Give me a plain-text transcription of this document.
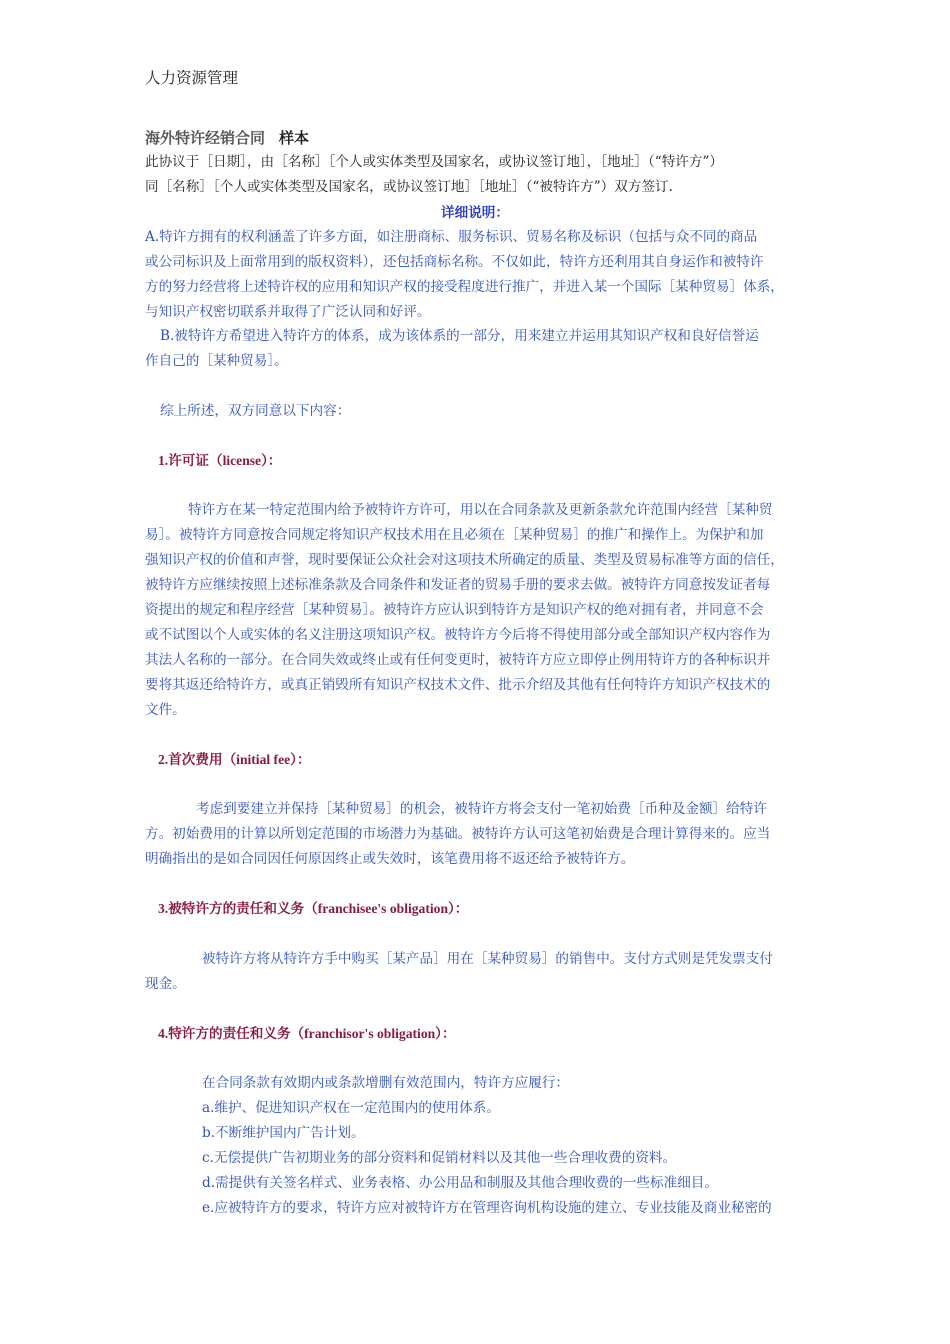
人力资源管理
海外特许经销合同 样本
此协议于［日期］，由［名称］［个人或实体类型及国家名，或协议签订地］，［地址］（“特许方”）
同［名称］［个人或实体类型及国家名，或协议签订地］［地址］（“被特许方”）双方签订.
详细说明：
A.特许方拥有的权利涵盖了许多方面，如注册商标、服务标识、贸易名称及标识（包括与众不同的商品
或公司标识及上面常用到的版权资料），还包括商标名称。不仅如此，特许方还利用其自身运作和被特许
方的努力经营将上述特许权的应用和知识产权的接受程度进行推广，并进入某一个国际［某种贸易］体系，
与知识产权密切联系并取得了广泛认同和好评。
B.被特许方希望进入特许方的体系，成为该体系的一部分，用来建立并运用其知识产权和良好信誉运
作自己的［某种贸易］。
综上所述，双方同意以下内容：
1.许可证（license）：
特许方在某一特定范围内给予被特许方许可，用以在合同条款及更新条款允许范围内经营［某种贸
易］。被特许方同意按合同规定将知识产权技术用在且必须在［某种贸易］的推广和操作上。为保护和加
强知识产权的价值和声誉，现时要保证公众社会对这项技术所确定的质量、类型及贸易标准等方面的信任，
被特许方应继续按照上述标准条款及合同条件和发证者的贸易手册的要求去做。被特许方同意按发证者每
资提出的规定和程序经营［某种贸易］。被特许方应认识到特许方是知识产权的绝对拥有者，并同意不会
或不试图以个人或实体的名义注册这项知识产权。被特许方今后将不得使用部分或全部知识产权内容作为
其法人名称的一部分。在合同失效或终止或有任何变更时，被特许方应立即停止例用特许方的各种标识并
要将其返还给特许方，或真正销毁所有知识产权技术文件、批示介绍及其他有任何特许方知识产权技术的
文件。
2.首次费用（initial fee）：
考虑到要建立并保持［某种贸易］的机会，被特许方将会支付一笔初始费［币种及金额］给特许
方。初始费用的计算以所划定范围的市场潜力为基础。被特许方认可这笔初始费是合理计算得来的。应当
明确指出的是如合同因任何原因终止或失效时，该笔费用将不返还给予被特许方。
3.被特许方的责任和义务（franchisee's obligation）：
被特许方将从特许方手中购买［某产品］用在［某种贸易］的销售中。支付方式则是凭发票支付
现金。
4.特许方的责任和义务（franchisor's obligation）：
在合同条款有效期内或条款增删有效范围内，特许方应履行：
a.维护、促进知识产权在一定范围内的使用体系。
b.不断维护国内广告计划。
c.无偿提供广告初期业务的部分资料和促销材料以及其他一些合理收费的资料。
d.需提供有关签名样式、业务表格、办公用品和制服及其他合理收费的一些标准细目。
e.应被特许方的要求，特许方应对被特许方在管理咨询机构设施的建立、专业技能及商业秘密的
